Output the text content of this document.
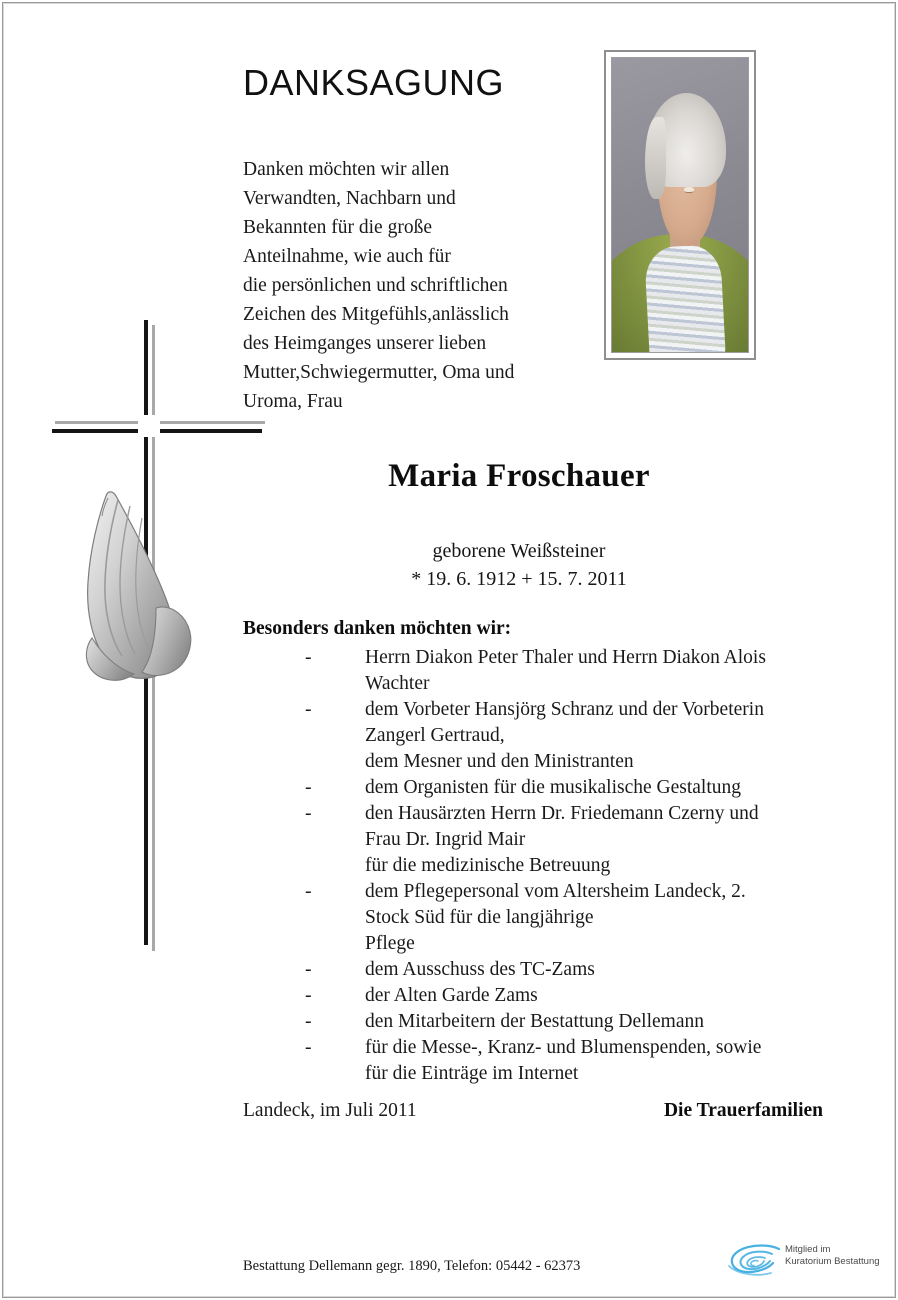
DANKSAGUNG
Danken möchten wir allen
Verwandten, Nachbarn und
Bekannten für die große
Anteilnahme, wie auch für
die persönlichen und schriftlichen
Zeichen des Mitgefühls,anlässlich
des Heimganges unserer lieben
Mutter,Schwiegermutter, Oma und
Uroma, Frau
Maria Froschauer
geborene Weißsteiner
* 19. 6. 1912 + 15. 7. 2011
Besonders danken möchten wir:
-	Herrn Diakon Peter Thaler und Herrn Diakon Alois
Wachter
-	dem Vorbeter Hansjörg Schranz und der Vorbeterin
Zangerl Gertraud,
dem Mesner und den Ministranten
-	dem Organisten für die musikalische Gestaltung
-	den Hausärzten Herrn Dr. Friedemann Czerny und
Frau Dr. Ingrid Mair
für die medizinische Betreuung
-	dem Pflegepersonal vom Altersheim Landeck, 2.
Stock Süd für die langjährige
Pflege
-	dem Ausschuss des TC-Zams
-	der Alten Garde Zams
-	den Mitarbeitern der Bestattung Dellemann
-	für die Messe-, Kranz- und Blumenspenden, sowie
für die Einträge im Internet
Landeck, im Juli 2011	Die Trauerfamilien
Bestattung Dellemann gegr. 1890, Telefon: 05442 - 62373
Mitglied im
Kuratorium Bestattung
